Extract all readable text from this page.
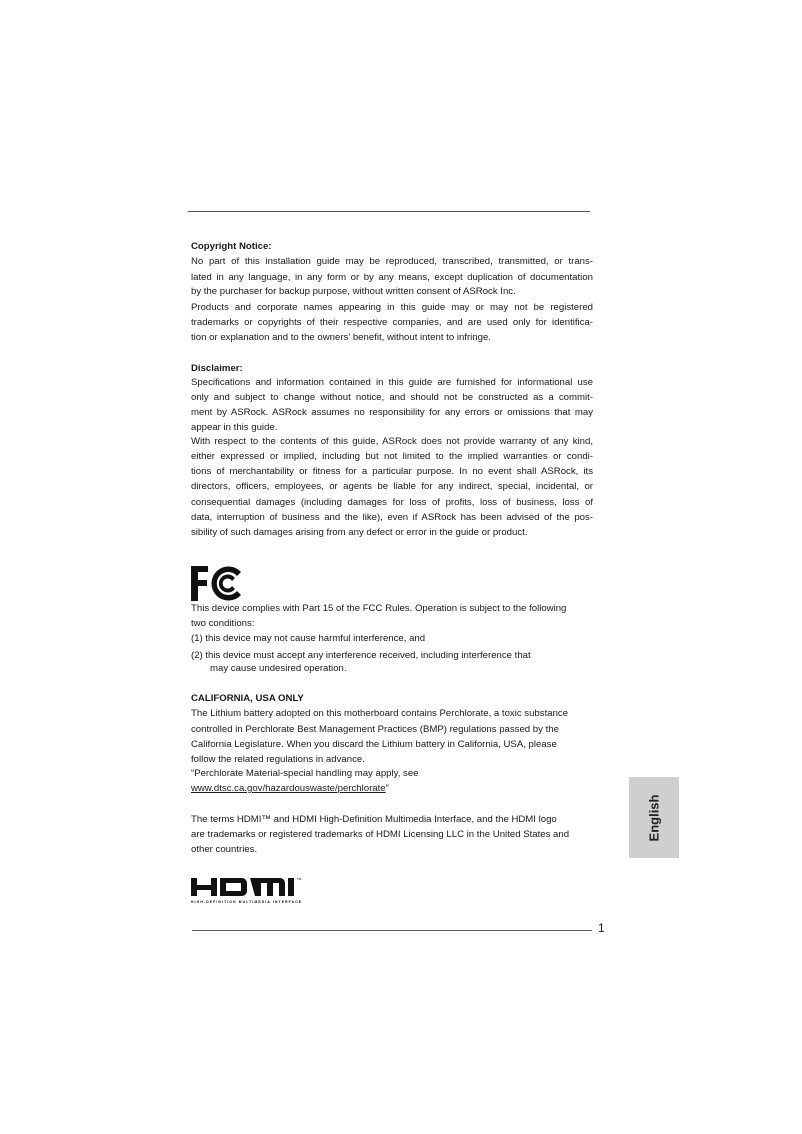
Copyright Notice:
No part of this installation guide may be reproduced, transcribed, transmitted, or trans-
lated in any language, in any form or by any means, except duplication of documentation
by the purchaser for backup purpose, without written consent of ASRock Inc.
Products and corporate names appearing in this guide may or may not be registered
trademarks or copyrights of their respective companies, and are used only for identifica-
tion or explanation and to the owners' benefit, without intent to infringe.
Disclaimer:
Specifications and information contained in this guide are furnished for informational use
only and subject to change without notice, and should not be constructed as a commit-
ment by ASRock. ASRock assumes no responsibility for any errors or omissions that may
appear in this guide.
With respect to the contents of this guide, ASRock does not provide warranty of any kind,
either expressed or implied, including but not limited to the implied warranties or condi-
tions of merchantability or fitness for a particular purpose. In no event shall ASRock, its
directors, officers, employees, or agents be liable for any indirect, special, incidental, or
consequential damages (including damages for loss of profits, loss of business, loss of
data, interruption of business and the like), even if ASRock has been advised of the pos-
sibility of such damages arising from any defect or error in the guide or product.
This device complies with Part 15 of the FCC Rules. Operation is subject to the following
two conditions:
(1) this device may not cause harmful interference, and
(2) this device must accept any interference received, including interference that
may cause undesired operation.
CALIFORNIA, USA ONLY
The Lithium battery adopted on this motherboard contains Perchlorate, a toxic substance
controlled in Perchlorate Best Management Practices (BMP) regulations passed by the
California Legislature. When you discard the Lithium battery in California, USA, please
follow the related regulations in advance.
“Perchlorate Material-special handling may apply, see
www.dtsc.ca.gov/hazardouswaste/perchlorate”
The terms HDMI™ and HDMI High-Definition Multimedia Interface, and the HDMI logo
are trademarks or registered trademarks of HDMI Licensing LLC in the United States and
other countries.
TM
HIGH-DEFINITION MULTIMEDIA INTERFACE
1
English
